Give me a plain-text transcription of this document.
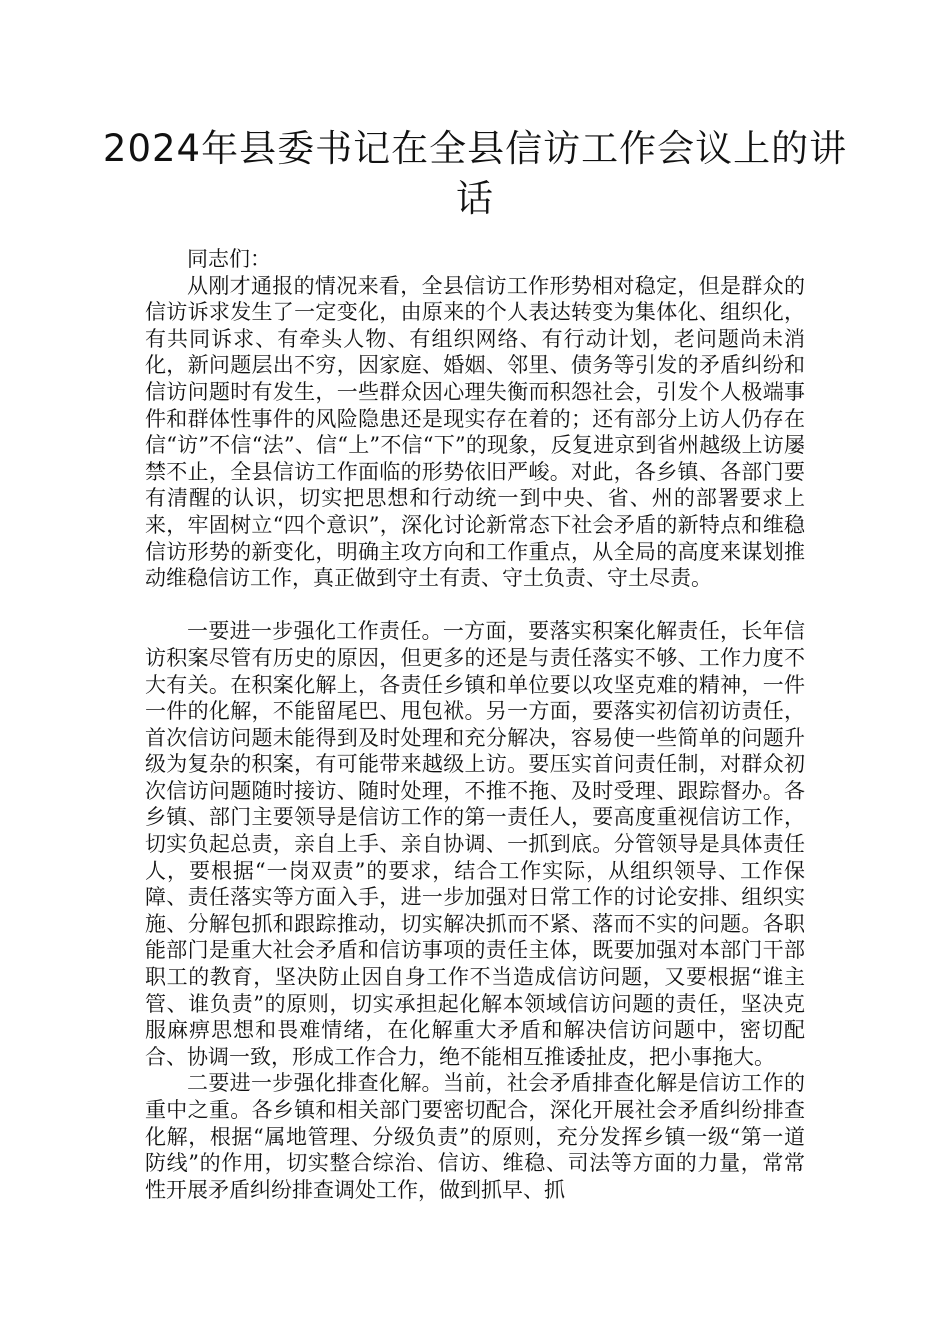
2024年县委书记在全县信访工作会议上的讲话

同志们：

从刚才通报的情况来看，全县信访工作形势相对稳定，但是群众的信访诉求发生了一定变化，由原来的个人表达转变为集体化、组织化，有共同诉求、有牵头人物、有组织网络、有行动计划，老问题尚未消化，新问题层出不穷，因家庭、婚姻、邻里、债务等引发的矛盾纠纷和信访问题时有发生，一些群众因心理失衡而积怨社会，引发个人极端事件和群体性事件的风险隐患还是现实存在着的；还有部分上访人仍存在信“访”不信“法”、信“上”不信“下”的现象，反复进京到省州越级上访屡禁不止，全县信访工作面临的形势依旧严峻。对此，各乡镇、各部门要有清醒的认识，切实把思想和行动统一到中央、省、州的部署要求上来，牢固树立“四个意识”，深化讨论新常态下社会矛盾的新特点和维稳信访形势的新变化，明确主攻方向和工作重点，从全局的高度来谋划推动维稳信访工作，真正做到守土有责、守土负责、守土尽责。

一要进一步强化工作责任。一方面，要落实积案化解责任，长年信访积案尽管有历史的原因，但更多的还是与责任落实不够、工作力度不大有关。在积案化解上，各责任乡镇和单位要以攻坚克难的精神，一件一件的化解，不能留尾巴、甩包袱。另一方面，要落实初信初访责任，首次信访问题未能得到及时处理和充分解决，容易使一些简单的问题升级为复杂的积案，有可能带来越级上访。要压实首问责任制，对群众初次信访问题随时接访、随时处理，不推不拖、及时受理、跟踪督办。各乡镇、部门主要领导是信访工作的第一责任人，要高度重视信访工作，切实负起总责，亲自上手、亲自协调、一抓到底。分管领导是具体责任人，要根据“一岗双责”的要求，结合工作实际，从组织领导、工作保障、责任落实等方面入手，进一步加强对日常工作的讨论安排、组织实施、分解包抓和跟踪推动，切实解决抓而不紧、落而不实的问题。各职能部门是重大社会矛盾和信访事项的责任主体，既要加强对本部门干部职工的教育，坚决防止因自身工作不当造成信访问题，又要根据“谁主管、谁负责”的原则，切实承担起化解本领域信访问题的责任，坚决克服麻痹思想和畏难情绪，在化解重大矛盾和解决信访问题中，密切配合、协调一致，形成工作合力，绝不能相互推诿扯皮，把小事拖大。

二要进一步强化排查化解。当前，社会矛盾排查化解是信访工作的重中之重。各乡镇和相关部门要密切配合，深化开展社会矛盾纠纷排查化解，根据“属地管理、分级负责”的原则，充分发挥乡镇一级“第一道防线”的作用，切实整合综治、信访、维稳、司法等方面的力量，常常性开展矛盾纠纷排查调处工作，做到抓早、抓
